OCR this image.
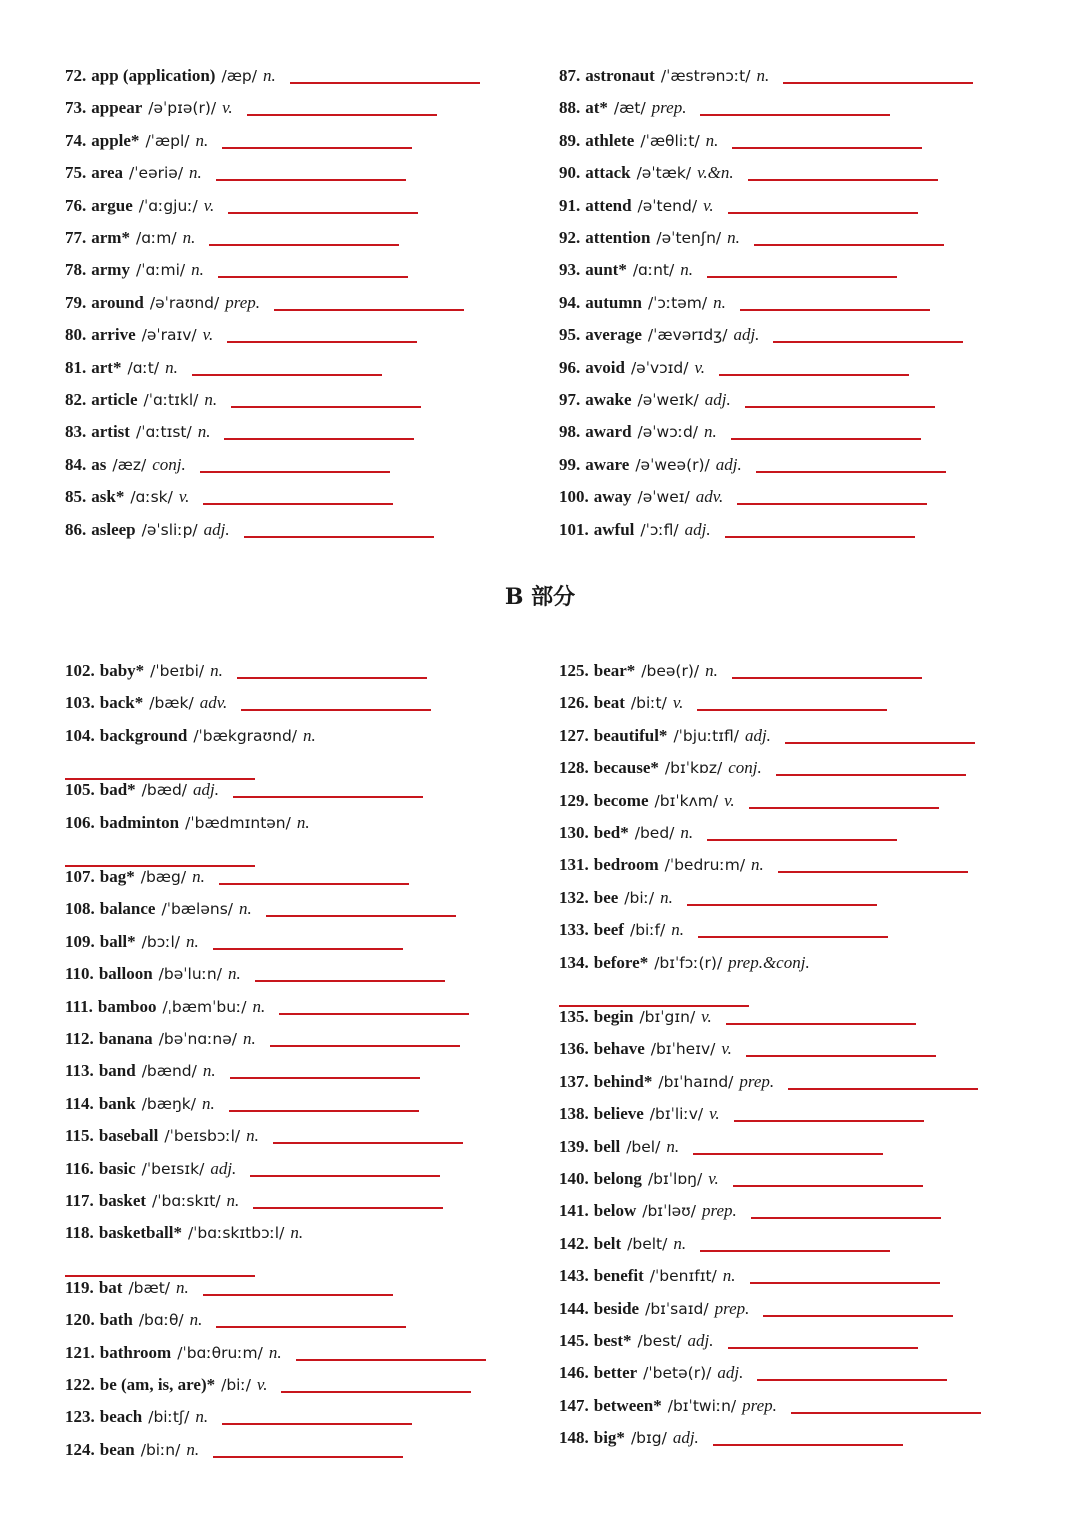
72. app (application) /æp/ n.
73. appear /əˈpɪə(r)/ v.
74. apple* /ˈæpl/ n.
75. area /ˈeəriə/ n.
76. argue /ˈɑːgjuː/ v.
77. arm* /ɑːm/ n.
78. army /ˈɑːmi/ n.
79. around /əˈraʊnd/ prep.
80. arrive /əˈraɪv/ v.
81. art* /ɑːt/ n.
82. article /ˈɑːtɪkl/ n.
83. artist /ˈɑːtɪst/ n.
84. as /æz/ conj.
85. ask* /ɑːsk/ v.
86. asleep /əˈsliːp/ adj.
87. astronaut /ˈæstrənɔːt/ n.
88. at* /æt/ prep.
89. athlete /ˈæθliːt/ n.
90. attack /əˈtæk/ v.&n.
91. attend /əˈtend/ v.
92. attention /əˈtenʃn/ n.
93. aunt* /ɑːnt/ n.
94. autumn /ˈɔːtəm/ n.
95. average /ˈævərɪdʒ/ adj.
96. avoid /əˈvɔɪd/ v.
97. awake /əˈweɪk/ adj.
98. award /əˈwɔːd/ n.
99. aware /əˈweə(r)/ adj.
100. away /əˈweɪ/ adv.
101. awful /ˈɔːfl/ adj.
B 部分
102. baby* /ˈbeɪbi/ n.
103. back* /bæk/ adv.
104. background /ˈbækgraʊnd/ n.
105. bad* /bæd/ adj.
106. badminton /ˈbædmɪntən/ n.
107. bag* /bæg/ n.
108. balance /ˈbæləns/ n.
109. ball* /bɔːl/ n.
110. balloon /bəˈluːn/ n.
111. bamboo /ˌbæmˈbuː/ n.
112. banana /bəˈnɑːnə/ n.
113. band /bænd/ n.
114. bank /bæŋk/ n.
115. baseball /ˈbeɪsbɔːl/ n.
116. basic /ˈbeɪsɪk/ adj.
117. basket /ˈbɑːskɪt/ n.
118. basketball* /ˈbɑːskɪtbɔːl/ n.
119. bat /bæt/ n.
120. bath /bɑːθ/ n.
121. bathroom /ˈbɑːθruːm/ n.
122. be (am, is, are)* /biː/ v.
123. beach /biːtʃ/ n.
124. bean /biːn/ n.
125. bear* /beə(r)/ n.
126. beat /biːt/ v.
127. beautiful* /ˈbjuːtɪfl/ adj.
128. because* /bɪˈkɒz/ conj.
129. become /bɪˈkʌm/ v.
130. bed* /bed/ n.
131. bedroom /ˈbedruːm/ n.
132. bee /biː/ n.
133. beef /biːf/ n.
134. before* /bɪˈfɔː(r)/ prep.&conj.
135. begin /bɪˈgɪn/ v.
136. behave /bɪˈheɪv/ v.
137. behind* /bɪˈhaɪnd/ prep.
138. believe /bɪˈliːv/ v.
139. bell /bel/ n.
140. belong /bɪˈlɒŋ/ v.
141. below /bɪˈləʊ/ prep.
142. belt /belt/ n.
143. benefit /ˈbenɪfɪt/ n.
144. beside /bɪˈsaɪd/ prep.
145. best* /best/ adj.
146. better /ˈbetə(r)/ adj.
147. between* /bɪˈtwiːn/ prep.
148. big* /bɪg/ adj.
